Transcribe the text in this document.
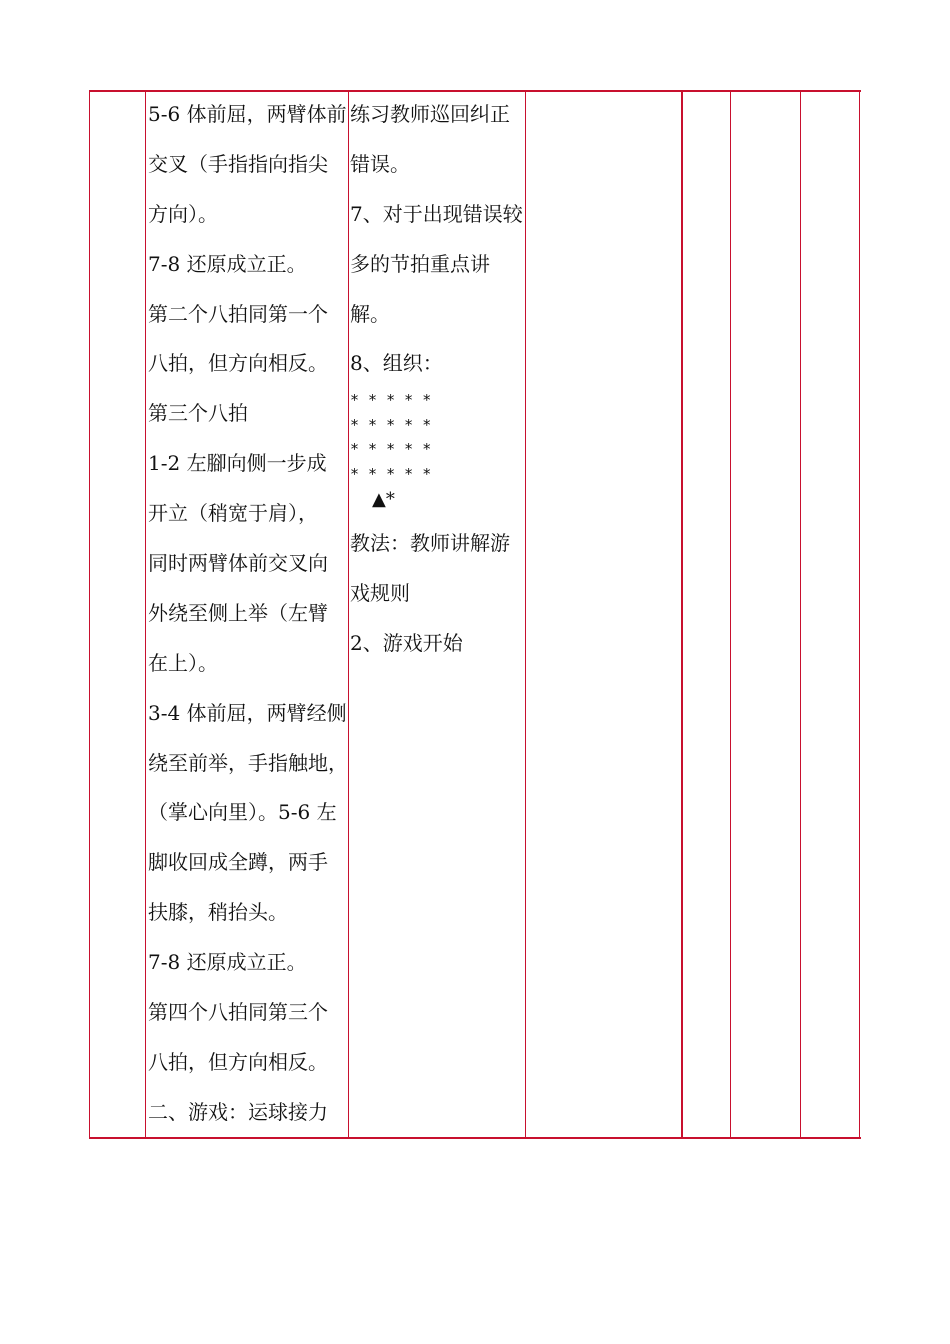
5-6 体前屈，两臂体前
交叉（手指指向指尖
方向）。
7-8 还原成立正。
第二个八拍同第一个
八拍，但方向相反。
第三个八拍
1-2 左腳向侧一步成
开立（稍宽于肩），
同时两臂体前交叉向
外绕至侧上举（左臂
在上）。
3-4 体前屈，两臂经侧
绕至前举，手指触地，
（掌心向里）。5-6 左
脚收回成全蹲，两手
扶膝，稍抬头。
7-8 还原成立正。
第四个八拍同第三个
八拍，但方向相反。
二、游戏：运球接力
练习教师巡回纠正
错误。
7、对于出现错误较
多的节拍重点讲
解。
8、组织：
* * * * *
* * * * *
* * * * *
* * * * *
▲*
教法：教师讲解游
戏规则
2、游戏开始
